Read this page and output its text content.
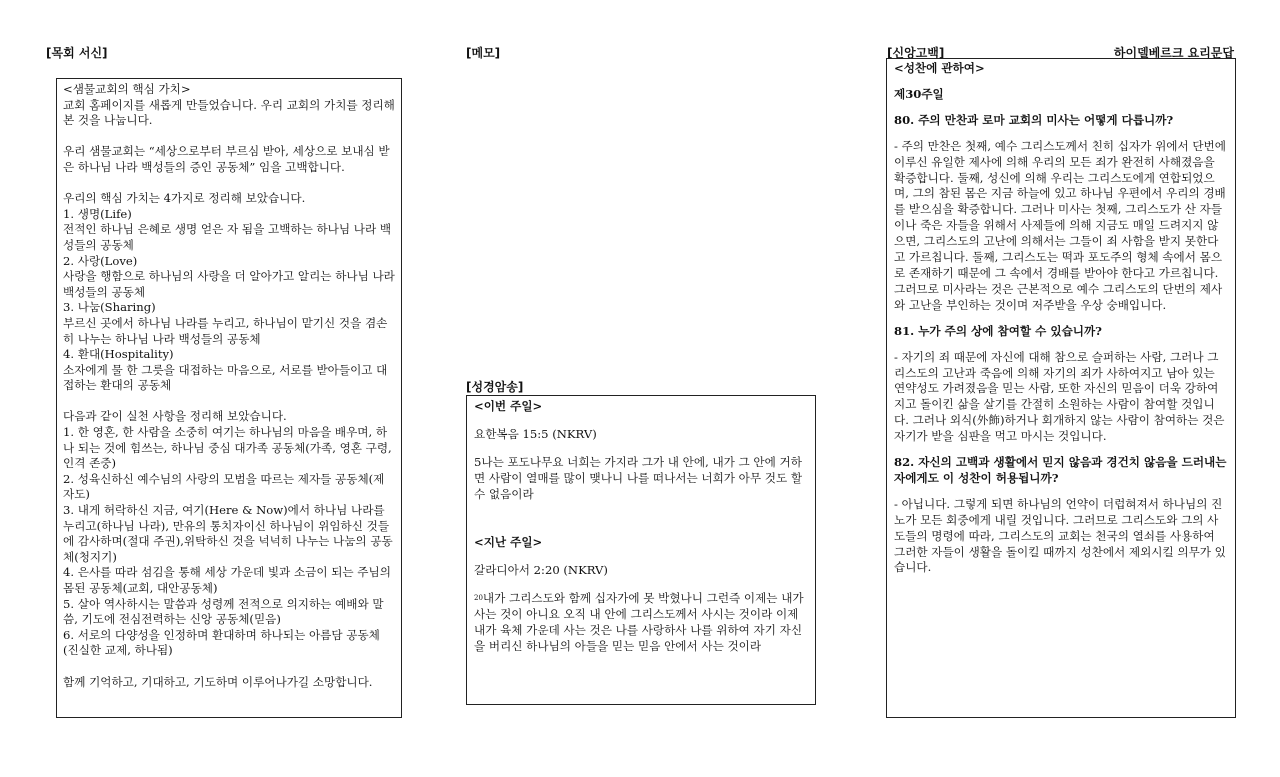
[목회 서신]	[메모]	[신앙고백]	하이델베르크 요리문답
[성경암송]

<샘물교회의 핵심 가치>

교회 홈페이지를 새롭게 만들었습니다. 우리 교회의 가치를 정리해 본 것을 나눕니다.

우리 샘물교회는 “세상으로부터 부르심 받아, 세상으로 보내심 받은 하나님 나라 백성들의 증인 공동체” 임을 고백합니다.

우리의 핵심 가치는 4가지로 정리해 보았습니다.

1. 생명(Life)

전적인 하나님 은혜로 생명 얻은 자 됨을 고백하는 하나님 나라 백성들의 공동체

2. 사랑(Love)

사랑을 행함으로 하나님의 사랑을 더 알아가고 알리는 하나님 나라 백성들의 공동체

3. 나눔(Sharing)

부르신 곳에서 하나님 나라를 누리고, 하나님이 맡기신 것을 겸손히 나누는 하나님 나라 백성들의 공동체

4. 환대(Hospitality)

소자에게 물 한 그릇을 대접하는 마음으로, 서로를 받아들이고 대접하는 환대의 공동체

다음과 같이 실천 사항을 정리해 보았습니다.

1. 한 영혼, 한 사람을 소중히 여기는 하나님의 마음을 배우며, 하나 되는 것에 힘쓰는, 하나님 중심 대가족 공동체(가족, 영혼 구령, 인격 존중)

2. 성육신하신 예수님의 사랑의 모범을 따르는 제자들 공동체(제자도)

3. 내게 허락하신 지금, 여기(Here & Now)에서 하나님 나라를 누리고(하나님 나라), 만유의 통치자이신 하나님이 위임하신 것들에 감사하며(절대 주권),위탁하신 것을 넉넉히 나누는 나눔의 공동체(청지기)

4. 은사를 따라 섬김을 통해 세상 가운데 빛과 소금이 되는 주님의 몸된 공동체(교회, 대안공동체)

5. 살아 역사하시는 말씀과 성령께 전적으로 의지하는 예배와 말씀, 기도에 전심전력하는 신앙 공동체(믿음)

6. 서로의 다양성을 인정하며 환대하며 하나되는 아름담 공동체(진실한 교제, 하나됨)

함께 기억하고, 기대하고, 기도하며 이루어나가길 소망합니다.

<이번 주일>

요한복음 15:5 (NKRV)

5나는 포도나무요 너희는 가지라 그가 내 안에, 내가 그 안에 거하면 사람이 열매를 많이 맺나니 나를 떠나서는 너희가 아무 것도 할 수 없음이라

<지난 주일>

갈라디아서 2:20 (NKRV)

$^{20}$내가 그리스도와 함께 십자가에 못 박혔나니 그런즉 이제는 내가 사는 것이 아니요 오직 내 안에 그리스도께서 사시는 것이라 이제 내가 육체 가운데 사는 것은 나를 사랑하사 나를 위하여 자기 자신을 버리신 하나님의 아들을 믿는 믿음 안에서 사는 것이라

<성찬에 관하여>

제30주일

80. 주의 만찬과 로마 교회의 미사는 어떻게 다릅니까?

- 주의 만찬은 첫째, 예수 그리스도께서 친히 십자가 위에서 단번에 이루신 유일한 제사에 의해 우리의 모든 죄가 완전히 사해졌음을 확증합니다. 둘째, 성신에 의해 우리는 그리스도에게 연합되었으며, 그의 참된 몸은 지금 하늘에 있고 하나님 우편에서 우리의 경배를 받으심을 확증합니다. 그러나 미사는 첫째, 그리스도가 산 자들이나 죽은 자들을 위해서 사제들에 의해 지금도 매일 드려지지 않으면, 그리스도의 고난에 의해서는 그들이 죄 사함을 받지 못한다고 가르칩니다. 둘째, 그리스도는 떡과 포도주의 형체 속에서 몸으로 존재하기 때문에 그 속에서 경배를 받아야 한다고 가르칩니다. 그러므로 미사라는 것은 근본적으로 예수 그리스도의 단번의 제사와 고난을 부인하는 것이며 저주받을 우상 숭배입니다.

81. 누가 주의 상에 참여할 수 있습니까?

- 자기의 죄 때문에 자신에 대해 참으로 슬퍼하는 사람, 그러나 그리스도의 고난과 죽음에 의해 자기의 죄가 사하여지고 남아 있는 연약성도 가려졌음을 믿는 사람, 또한 자신의 믿음이 더욱 강하여지고 돌이킨 삶을 살기를 간절히 소원하는 사람이 참여할 것입니다. 그러나 외식(外飾)하거나 회개하지 않는 사람이 참여하는 것은 자기가 받을 심판을 먹고 마시는 것입니다.

82. 자신의 고백과 생활에서 믿지 않음과 경건치 않음을 드러내는 자에게도 이 성찬이 허용됩니까?

- 아닙니다. 그렇게 되면 하나님의 언약이 더럽혀져서 하나님의 진노가 모든 회중에게 내릴 것입니다. 그러므로 그리스도와 그의 사도들의 명령에 따라, 그리스도의 교회는 천국의 열쇠를 사용하여 그러한 자들이 생활을 돌이킬 때까지 성찬에서 제외시킬 의무가 있습니다.
